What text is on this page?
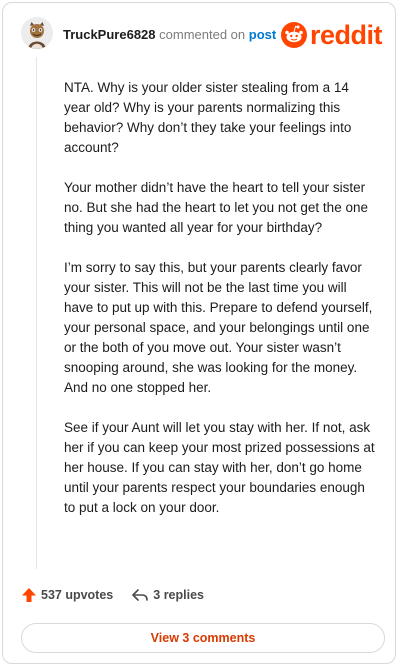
TruckPure6828 commented on post reddit

NTA. Why is your older sister stealing from a 14 year old? Why is your parents normalizing this behavior? Why don’t they take your feelings into account?

Your mother didn’t have the heart to tell your sister no. But she had the heart to let you not get the one thing you wanted all year for your birthday?

I’m sorry to say this, but your parents clearly favor your sister. This will not be the last time you will have to put up with this. Prepare to defend yourself, your personal space, and your belongings until one or the both of you move out. Your sister wasn’t snooping around, she was looking for the money. And no one stopped her.

See if your Aunt will let you stay with her. If not, ask her if you can keep your most prized possessions at her house. If you can stay with her, don’t go home until your parents respect your boundaries enough to put a lock on your door.

537 upvotes	3 replies
View 3 comments
